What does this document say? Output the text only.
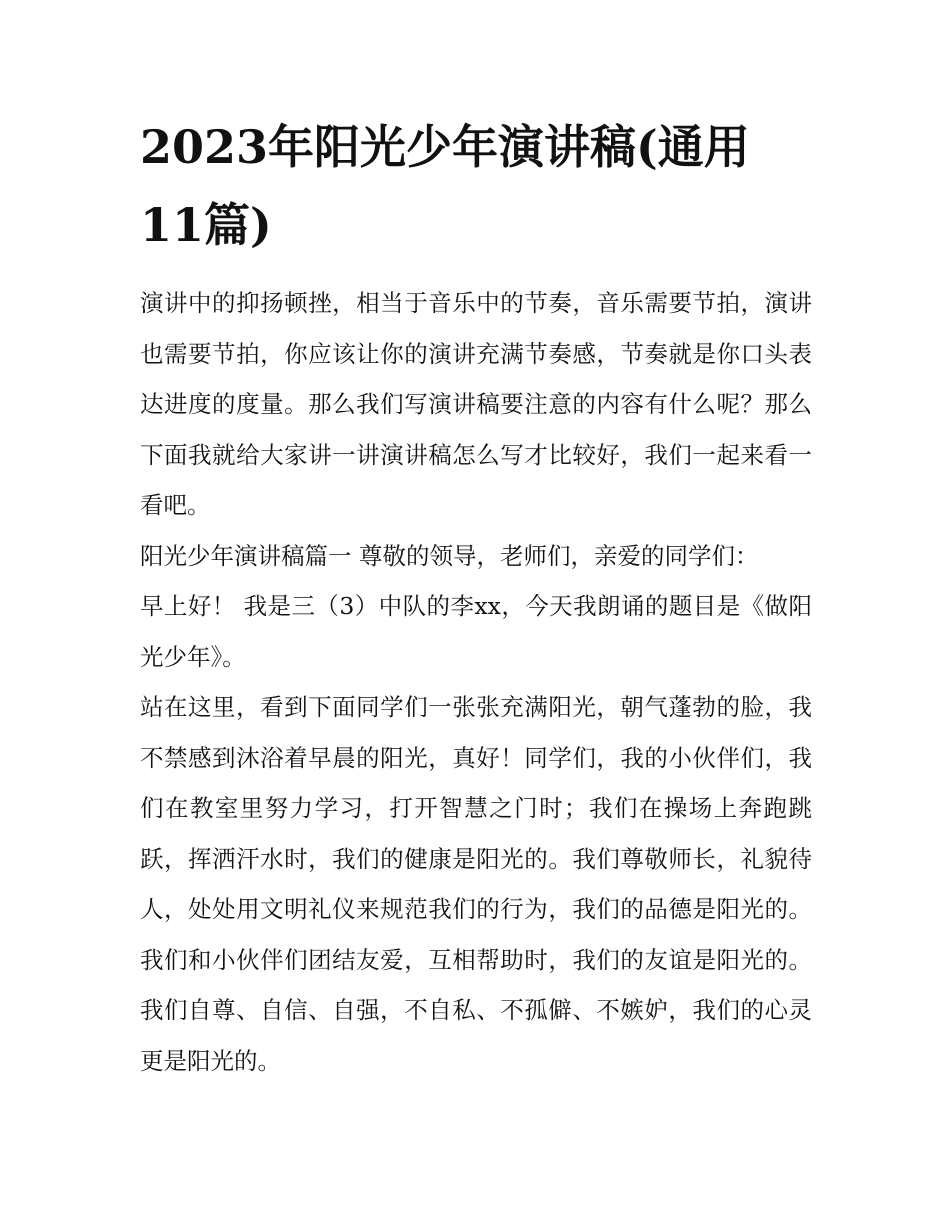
2023年阳光少年演讲稿(通用11篇)

演讲中的抑扬顿挫，相当于音乐中的节奏，音乐需要节拍，演讲也需要节拍，你应该让你的演讲充满节奏感，节奏就是你口头表达进度的度量。那么我们写演讲稿要注意的内容有什么呢？那么下面我就给大家讲一讲演讲稿怎么写才比较好，我们一起来看一看吧。

阳光少年演讲稿篇一 尊敬的领导，老师们，亲爱的同学们：

早上好！ 我是三（3）中队的李xx，今天我朗诵的题目是《做阳光少年》。

站在这里，看到下面同学们一张张充满阳光，朝气蓬勃的脸，我不禁感到沐浴着早晨的阳光，真好！同学们，我的小伙伴们，我们在教室里努力学习，打开智慧之门时；我们在操场上奔跑跳跃，挥洒汗水时，我们的健康是阳光的。我们尊敬师长，礼貌待人，处处用文明礼仪来规范我们的行为，我们的品德是阳光的。我们和小伙伴们团结友爱，互相帮助时，我们的友谊是阳光的。我们自尊、自信、自强，不自私、不孤僻、不嫉妒，我们的心灵更是阳光的。
